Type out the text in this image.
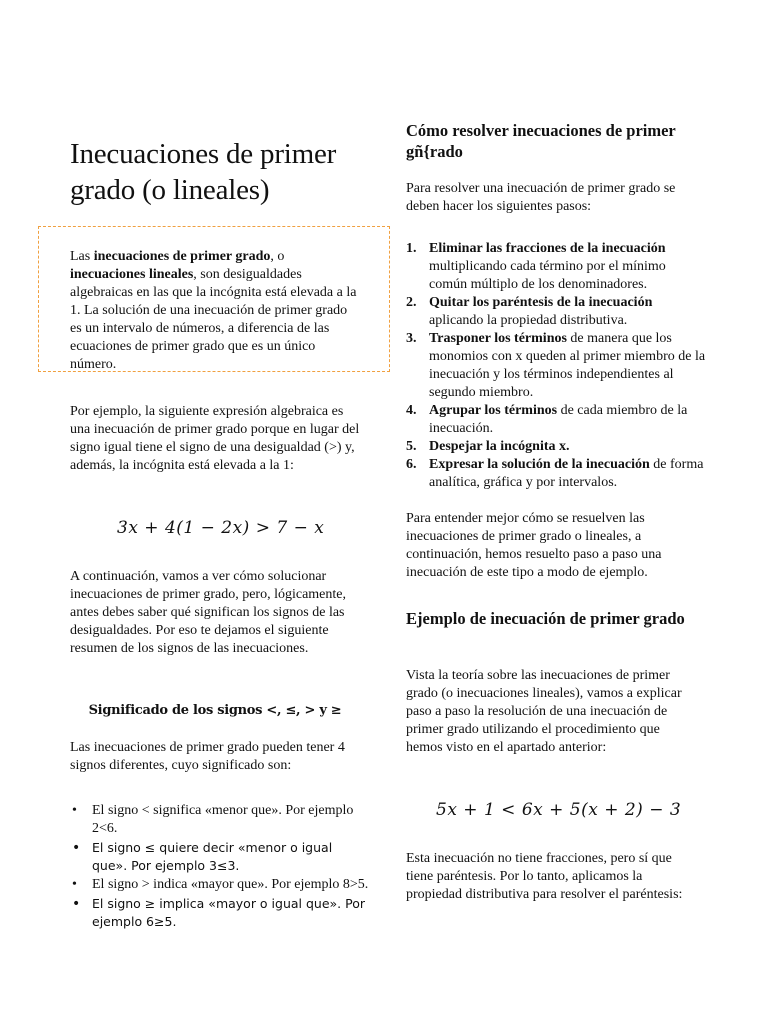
Inecuaciones de primer grado (o lineales)

Las inecuaciones de primer grado, o inecuaciones lineales, son desigualdades algebraicas en las que la incógnita está elevada a la 1. La solución de una inecuación de primer grado es un intervalo de números, a diferencia de las ecuaciones de primer grado que es un único número.

Por ejemplo, la siguiente expresión algebraica es una inecuación de primer grado porque en lugar del signo igual tiene el signo de una desigualdad (>) y, además, la incógnita está elevada a la 1:

3x + 4(1 − 2x) > 7 − x

A continuación, vamos a ver cómo solucionar inecuaciones de primer grado, pero, lógicamente, antes debes saber qué significan los signos de las desigualdades. Por eso te dejamos el siguiente resumen de los signos de las inecuaciones.

Significado de los signos <, ≤, > y ≥

Las inecuaciones de primer grado pueden tener 4 signos diferentes, cuyo significado son:

• El signo < significa «menor que». Por ejemplo 2<6.
• El signo ≤ quiere decir «menor o igual que». Por ejemplo 3≤3.
• El signo > indica «mayor que». Por ejemplo 8>5.
• El signo ≥ implica «mayor o igual que». Por ejemplo 6≥5.
Cómo resolver inecuaciones de primer gñ{rado

Para resolver una inecuación de primer grado se deben hacer los siguientes pasos:

1. Eliminar las fracciones de la inecuación multiplicando cada término por el mínimo común múltiplo de los denominadores.
2. Quitar los paréntesis de la inecuación aplicando la propiedad distributiva.
3. Trasponer los términos de manera que los monomios con x queden al primer miembro de la inecuación y los términos independientes al segundo miembro.
4. Agrupar los términos de cada miembro de la inecuación.
5. Despejar la incógnita x.
6. Expresar la solución de la inecuación de forma analítica, gráfica y por intervalos.

Para entender mejor cómo se resuelven las inecuaciones de primer grado o lineales, a continuación, hemos resuelto paso a paso una inecuación de este tipo a modo de ejemplo.

Ejemplo de inecuación de primer grado

Vista la teoría sobre las inecuaciones de primer grado (o inecuaciones lineales), vamos a explicar paso a paso la resolución de una inecuación de primer grado utilizando el procedimiento que hemos visto en el apartado anterior:

5x + 1 < 6x + 5(x + 2) − 3

Esta inecuación no tiene fracciones, pero sí que tiene paréntesis. Por lo tanto, aplicamos la propiedad distributiva para resolver el paréntesis:
